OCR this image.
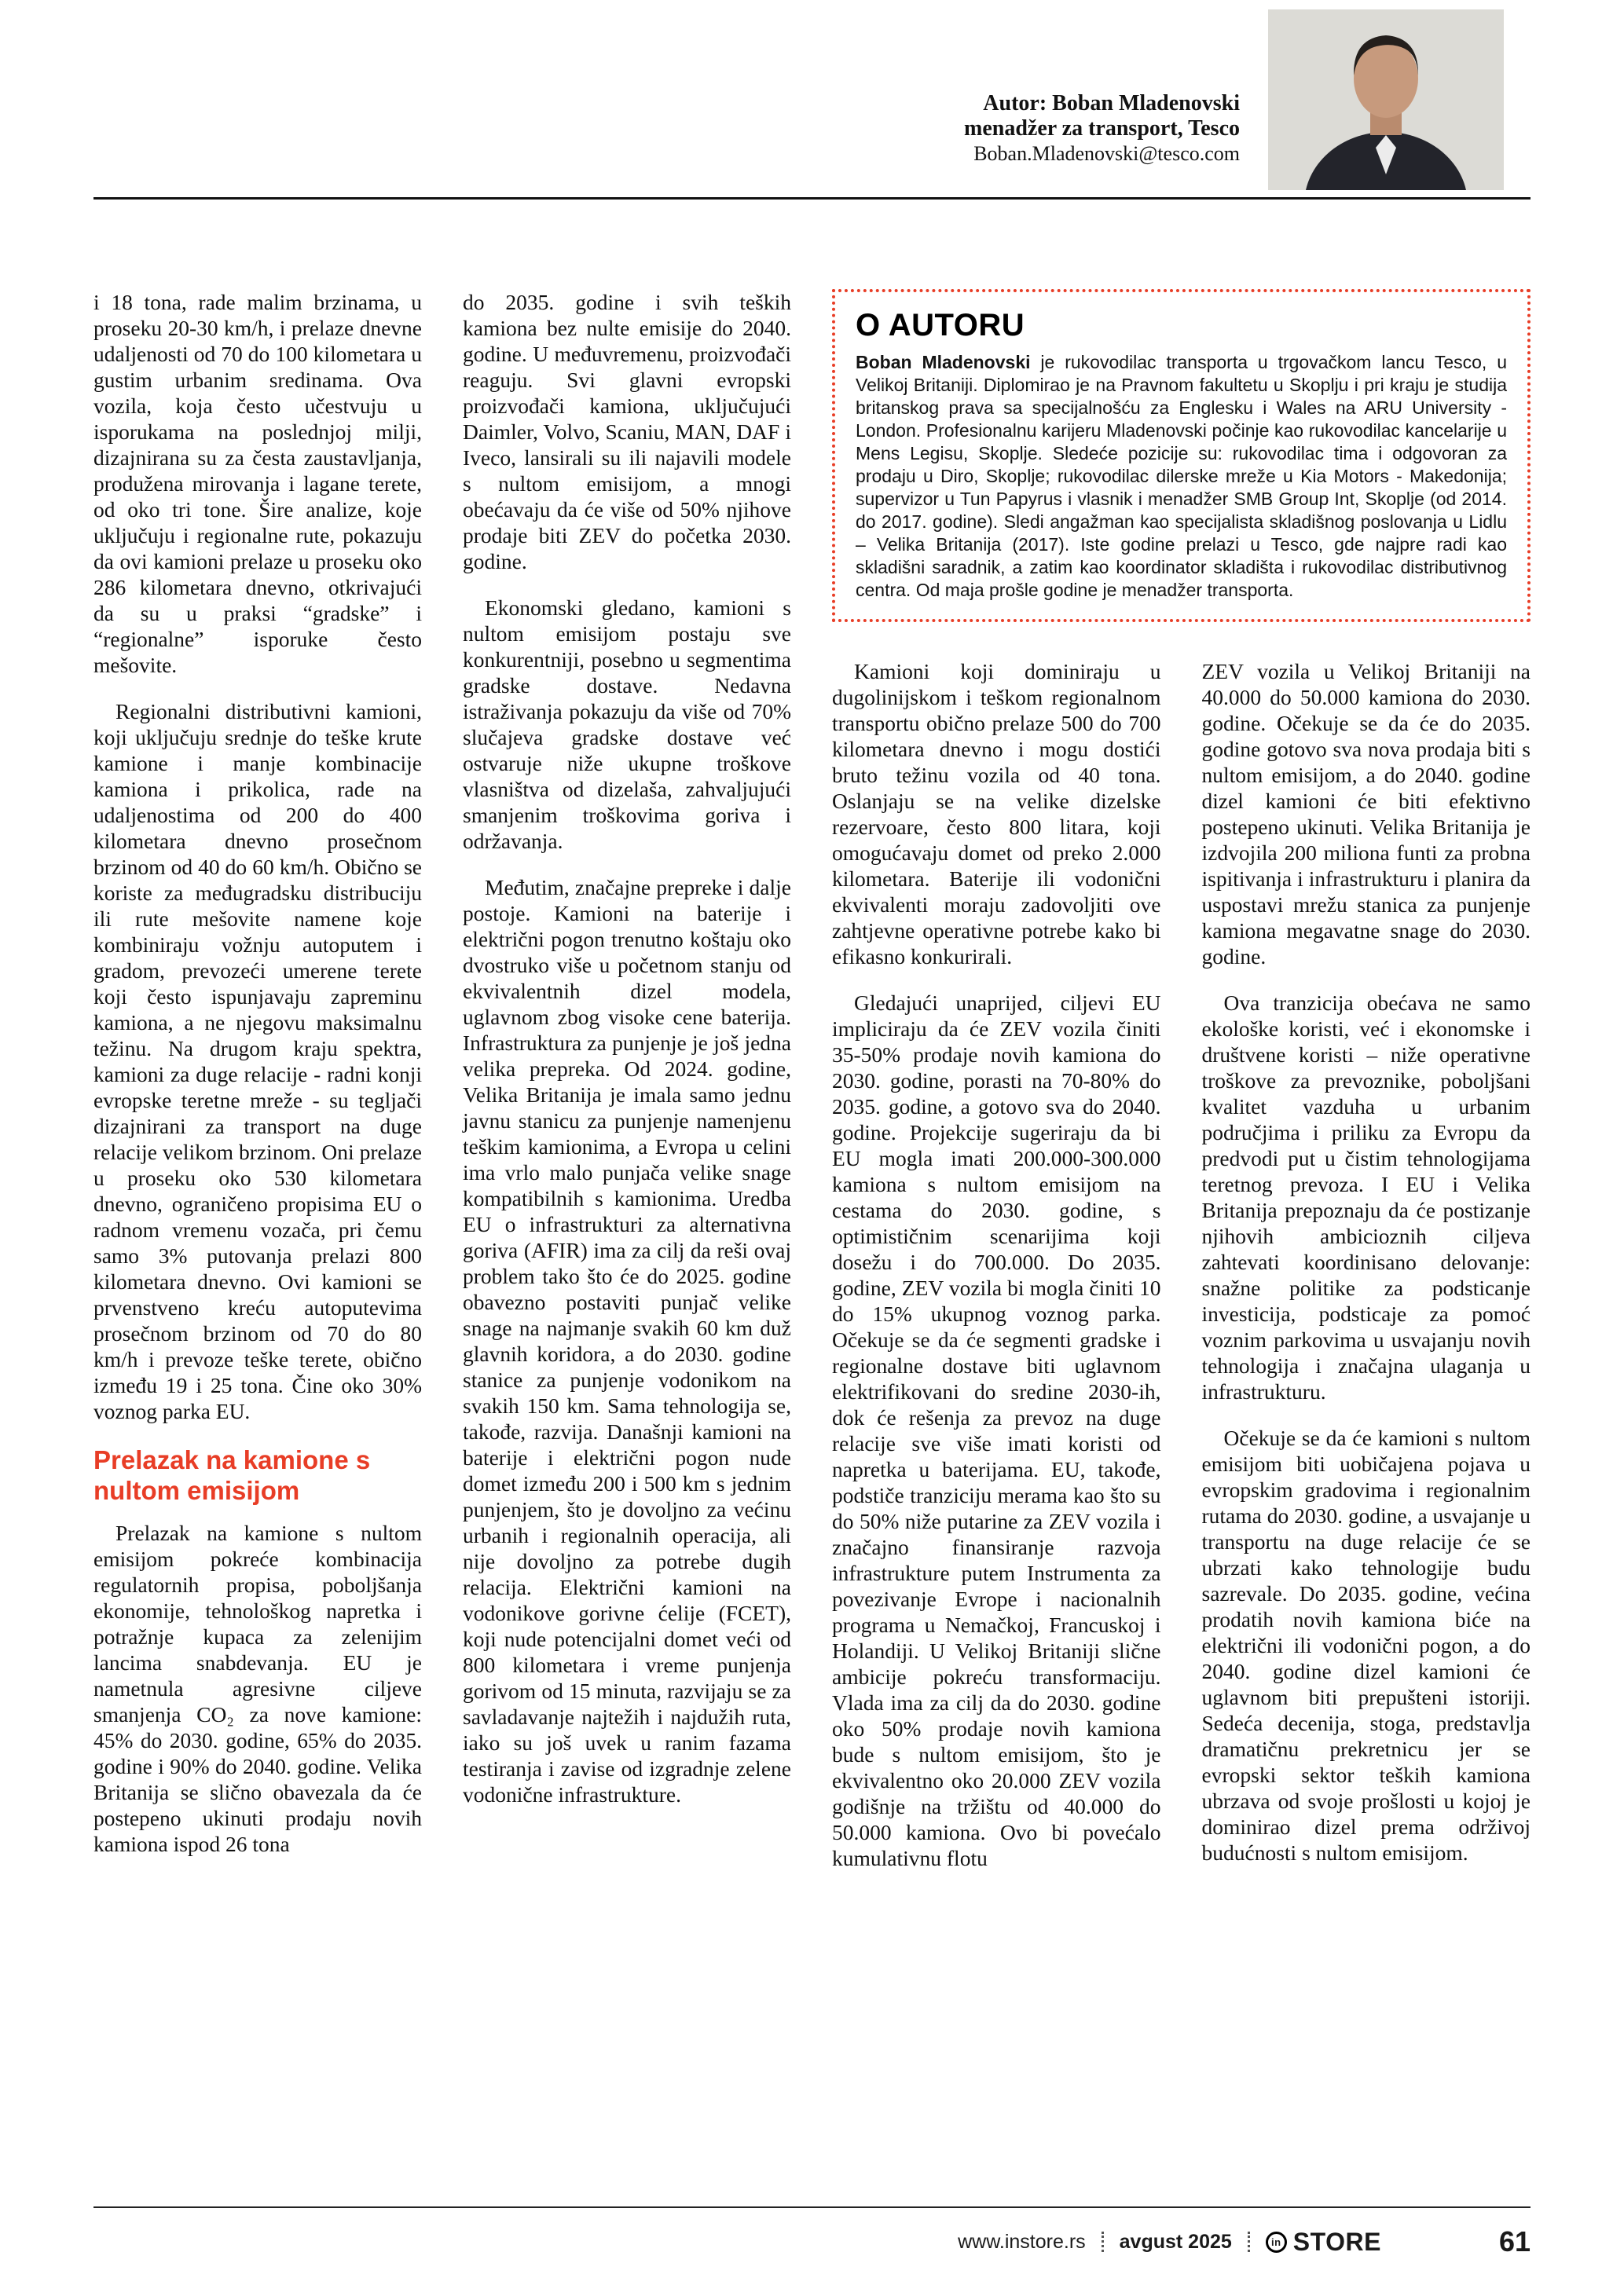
Autor: Boban Mladenovski
menadžer za transport, Tesco
Boban.Mladenovski@tesco.com

i 18 tona, rade malim brzinama, u proseku 20-30 km/h, i prelaze dnevne udaljenosti od 70 do 100 kilometara u gustim urbanim sredinama. Ova vozila, koja često učestvuju u isporukama na poslednjoj milji, dizajnirana su za česta zaustavljanja, produžena mirovanja i lagane terete, od oko tri tone. Šire analize, koje uključuju i regionalne rute, pokazuju da ovi kamioni prelaze u proseku oko 286 kilometara dnevno, otkrivajući da su u praksi “gradske” i “regionalne” isporuke često mešovite.

Regionalni distributivni kamioni, koji uključuju srednje do teške krute kamione i manje kombinacije kamiona i prikolica, rade na udaljenostima od 200 do 400 kilometara dnevno prosečnom brzinom od 40 do 60 km/h. Obično se koriste za međugradsku distribuciju ili rute mešovite namene koje kombiniraju vožnju autoputem i gradom, prevozeći umerene terete koji često ispunjavaju zapreminu kamiona, a ne njegovu maksimalnu težinu. Na drugom kraju spektra, kamioni za duge relacije - radni konji evropske teretne mreže - su tegljači dizajnirani za transport na duge relacije velikom brzinom. Oni prelaze u proseku oko 530 kilometara dnevno, ograničeno propisima EU o radnom vremenu vozača, pri čemu samo 3% putovanja prelazi 800 kilometara dnevno. Ovi kamioni se prvenstveno kreću autoputevima prosečnom brzinom od 70 do 80 km/h i prevoze teške terete, obično između 19 i 25 tona. Čine oko 30% voznog parka EU.

Prelazak na kamione s nultom emisijom

Prelazak na kamione s nultom emisijom pokreće kombinacija regulatornih propisa, poboljšanja ekonomije, tehnološkog napretka i potražnje kupaca za zelenijim lancima snabdevanja. EU je nametnula agresivne ciljeve smanjenja CO₂ za nove kamione: 45% do 2030. godine, 65% do 2035. godine i 90% do 2040. godine. Velika Britanija se slično obavezala da će postepeno ukinuti prodaju novih kamiona ispod 26 tona

do 2035. godine i svih teških kamiona bez nulte emisije do 2040. godine. U međuvremenu, proizvođači reaguju. Svi glavni evropski proizvođači kamiona, uključujući Daimler, Volvo, Scaniu, MAN, DAF i Iveco, lansirali su ili najavili modele s nultom emisijom, a mnogi obećavaju da će više od 50% njihove prodaje biti ZEV do početka 2030. godine.

Ekonomski gledano, kamioni s nultom emisijom postaju sve konkurentniji, posebno u segmentima gradske dostave. Nedavna istraživanja pokazuju da više od 70% slučajeva gradske dostave već ostvaruje niže ukupne troškove vlasništva od dizelaša, zahvaljujući smanjenim troškovima goriva i održavanja.

Međutim, značajne prepreke i dalje postoje. Kamioni na baterije i električni pogon trenutno koštaju oko dvostruko više u početnom stanju od ekvivalentnih dizel modela, uglavnom zbog visoke cene baterija. Infrastruktura za punjenje je još jedna velika prepreka. Od 2024. godine, Velika Britanija je imala samo jednu javnu stanicu za punjenje namenjenu teškim kamionima, a Evropa u celini ima vrlo malo punjača velike snage kompatibilnih s kamionima. Uredba EU o infrastrukturi za alternativna goriva (AFIR) ima za cilj da reši ovaj problem tako što će do 2025. godine obavezno postaviti punjač velike snage na najmanje svakih 60 km duž glavnih koridora, a do 2030. godine stanice za punjenje vodonikom na svakih 150 km. Sama tehnologija se, takođe, razvija. Današnji kamioni na baterije i električni pogon nude domet između 200 i 500 km s jednim punjenjem, što je dovoljno za većinu urbanih i regionalnih operacija, ali nije dovoljno za potrebe dugih relacija. Električni kamioni na vodonikove gorivne ćelije (FCET), koji nude potencijalni domet veći od 800 kilometara i vreme punjenja gorivom od 15 minuta, razvijaju se za savladavanje najtežih i najdužih ruta, iako su još uvek u ranim fazama testiranja i zavise od izgradnje zelene vodonične infrastrukture.

O AUTORU

Boban Mladenovski je rukovodilac transporta u trgovačkom lancu Tesco, u Velikoj Britaniji. Diplomirao je na Pravnom fakultetu u Skoplju i pri kraju je studija britanskog prava sa specijalnošću za Englesku i Wales na ARU University - London. Profesionalnu karijeru Mladenovski počinje kao rukovodilac kancelarije u Mens Legisu, Skoplje. Sledeće pozicije su: rukovodilac tima i odgovoran za prodaju u Diro, Skoplje; rukovodilac dilerske mreže u Kia Motors - Makedonija; supervizor u Tun Papyrus i vlasnik i menadžer SMB Group Int, Skoplje (od 2014. do 2017. godine). Sledi angažman kao specijalista skladišnog poslovanja u Lidlu – Velika Britanija (2017). Iste godine prelazi u Tesco, gde najpre radi kao skladišni saradnik, a zatim kao koordinator skladišta i rukovodilac distributivnog centra. Od maja prošle godine je menadžer transporta.

Kamioni koji dominiraju u dugolinijskom i teškom regionalnom transportu obično prelaze 500 do 700 kilometara dnevno i mogu dostići bruto težinu vozila od 40 tona. Oslanjaju se na velike dizelske rezervoare, često 800 litara, koji omogućavaju domet od preko 2.000 kilometara. Baterije ili vodonični ekvivalenti moraju zadovoljiti ove zahtjevne operativne potrebe kako bi efikasno konkurirali.

Gledajući unaprijed, ciljevi EU impliciraju da će ZEV vozila činiti 35-50% prodaje novih kamiona do 2030. godine, porasti na 70-80% do 2035. godine, a gotovo sva do 2040. godine. Projekcije sugeriraju da bi EU mogla imati 200.000-300.000 kamiona s nultom emisijom na cestama do 2030. godine, s optimističnim scenarijima koji dosežu i do 700.000. Do 2035. godine, ZEV vozila bi mogla činiti 10 do 15% ukupnog voznog parka. Očekuje se da će segmenti gradske i regionalne dostave biti uglavnom elektrifikovani do sredine 2030-ih, dok će rešenja za prevoz na duge relacije sve više imati koristi od napretka u baterijama. EU, takođe, podstiče tranziciju merama kao što su do 50% niže putarine za ZEV vozila i značajno finansiranje razvoja infrastrukture putem Instrumenta za povezivanje Evrope i nacionalnih programa u Nemačkoj, Francuskoj i Holandiji. U Velikoj Britaniji slične ambicije pokreću transformaciju. Vlada ima za cilj da do 2030. godine oko 50% prodaje novih kamiona bude s nultom emisijom, što je ekvivalentno oko 20.000 ZEV vozila godišnje na tržištu od 40.000 do 50.000 kamiona. Ovo bi povećalo kumulativnu flotu

ZEV vozila u Velikoj Britaniji na 40.000 do 50.000 kamiona do 2030. godine. Očekuje se da će do 2035. godine gotovo sva nova prodaja biti s nultom emisijom, a do 2040. godine dizel kamioni će biti efektivno postepeno ukinuti. Velika Britanija je izdvojila 200 miliona funti za probna ispitivanja i infrastrukturu i planira da uspostavi mrežu stanica za punjenje kamiona megavatne snage do 2030. godine.

Ova tranzicija obećava ne samo ekološke koristi, već i ekonomske i društvene koristi – niže operativne troškove za prevoznike, poboljšani kvalitet vazduha u urbanim područjima i priliku za Evropu da predvodi put u čistim tehnologijama teretnog prevoza. I EU i Velika Britanija prepoznaju da će postizanje njihovih ambicioznih ciljeva zahtevati koordinisano delovanje: snažne politike za podsticanje investicija, podsticaje za pomoć voznim parkovima u usvajanju novih tehnologija i značajna ulaganja u infrastrukturu.

Očekuje se da će kamioni s nultom emisijom biti uobičajena pojava u evropskim gradovima i regionalnim rutama do 2030. godine, a usvajanje u transportu na duge relacije će se ubrzati kako tehnologije budu sazrevale. Do 2035. godine, većina prodatih novih kamiona biće na električni ili vodonični pogon, a do 2040. godine dizel kamioni će uglavnom biti prepušteni istoriji. Sedeća decenija, stoga, predstavlja dramatičnu prekretnicu jer se evropski sektor teških kamiona ubrzava od svoje prošlosti u kojoj je dominirao dizel prema održivoj budućnosti s nultom emisijom.

www.instore.rs avgust 2025	in STORE	61
